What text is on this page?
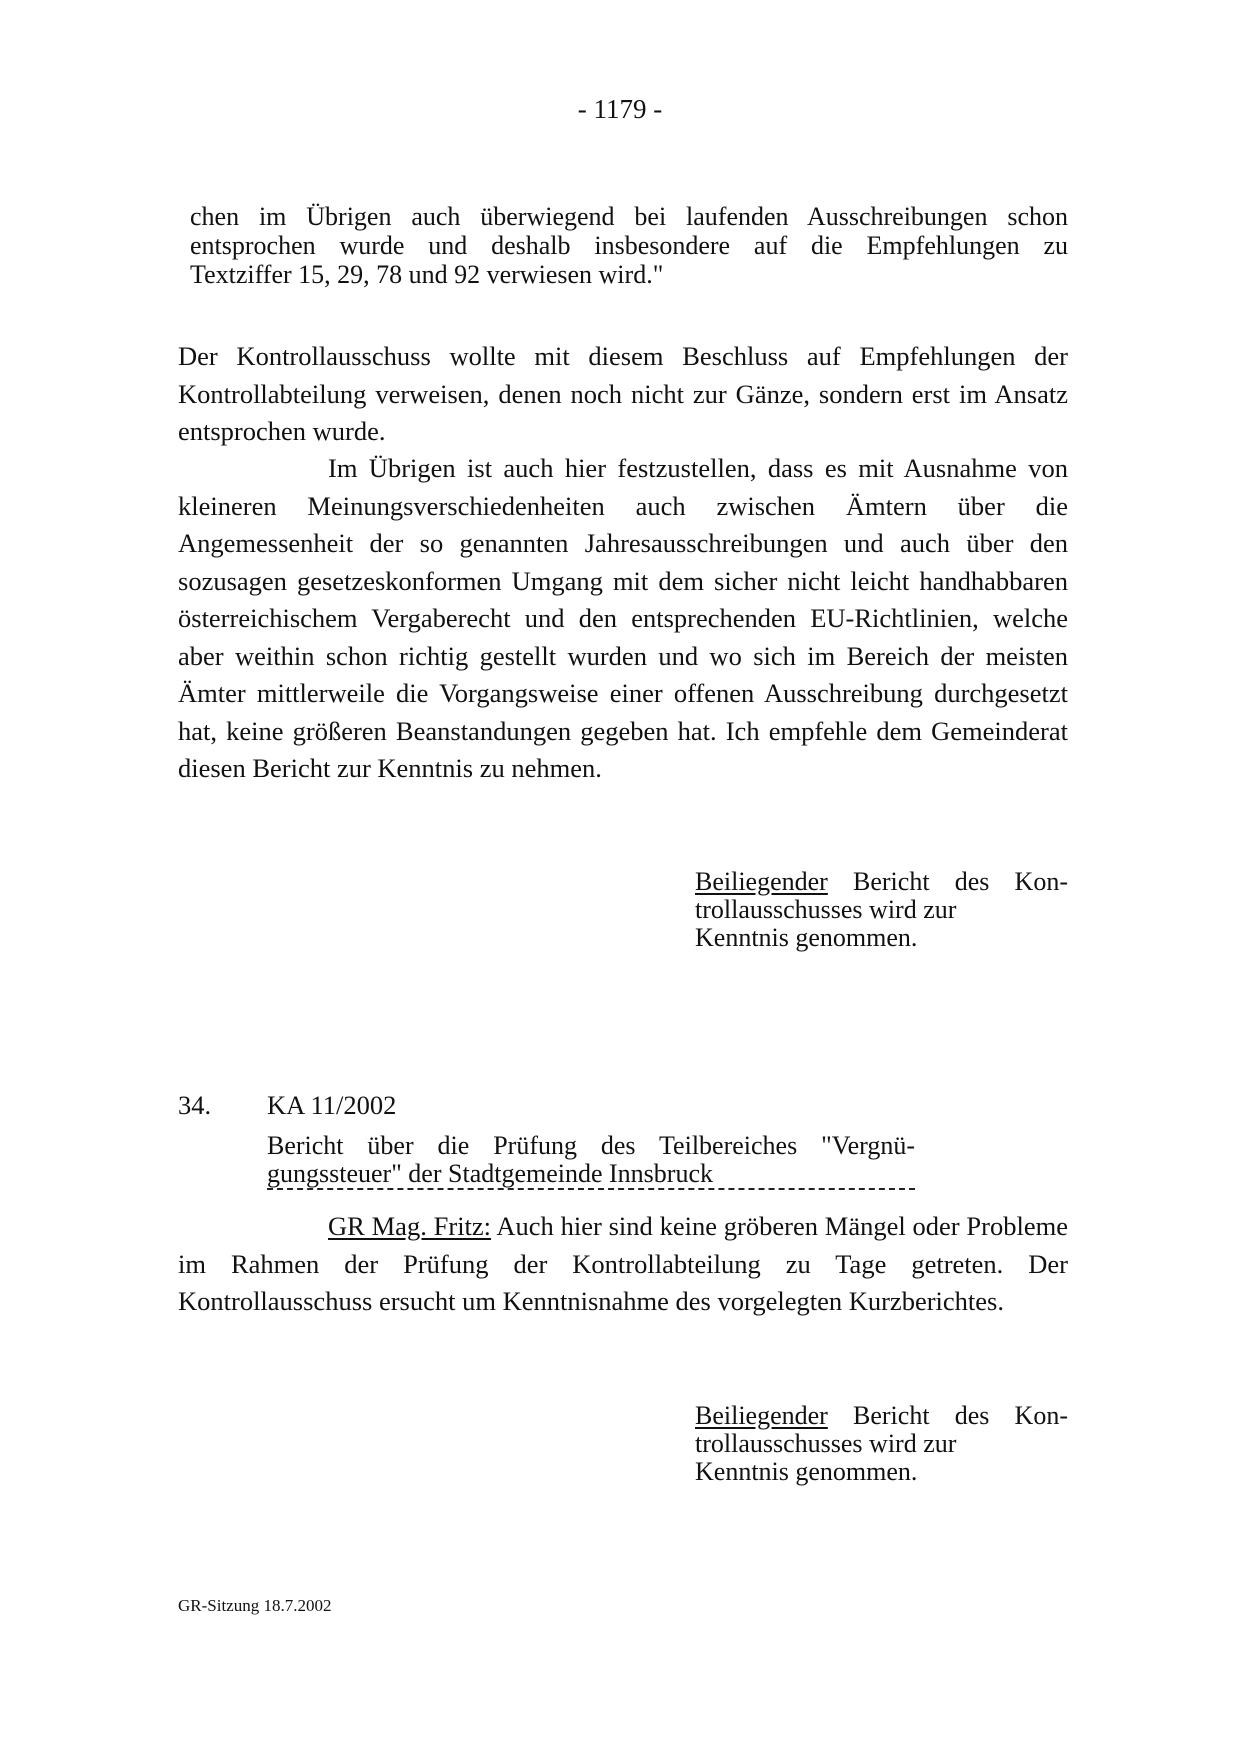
- 1179 -
chen im Übrigen auch überwiegend bei laufenden Ausschreibungen schon
entsprochen wurde und deshalb insbesondere auf die Empfehlungen zu
Textziffer 15, 29, 78 und 92 verwiesen wird."

Der Kontrollausschuss wollte mit diesem Beschluss auf Empfehlungen der Kontrollabteilung verweisen, denen noch nicht zur Gänze, sondern erst im Ansatz entsprochen wurde.

Im Übrigen ist auch hier festzustellen, dass es mit Ausnahme von kleineren Meinungsverschiedenheiten auch zwischen Ämtern über die Angemessenheit der so genannten Jahresausschreibungen und auch über den sozusagen gesetzeskonformen Umgang mit dem sicher nicht leicht handhabbaren österreichischem Vergaberecht und den entsprechenden EU-Richtlinien, welche aber weithin schon richtig gestellt wurden und wo sich im Bereich der meisten Ämter mittlerweile die Vorgangsweise einer offenen Ausschreibung durchgesetzt hat, keine größeren Beanstandungen gegeben hat. Ich empfehle dem Gemeinderat diesen Bericht zur Kenntnis zu nehmen.

Beiliegender Bericht des Kon-
trollausschusses wird zur
Kenntnis genommen.
34. KA 11/2002
Bericht über die Prüfung des Teilbereiches "Vergnü-
gungssteuer" der Stadtgemeinde Innsbruck

GR Mag. Fritz: Auch hier sind keine gröberen Mängel oder Probleme im Rahmen der Prüfung der Kontrollabteilung zu Tage getreten. Der Kontrollausschuss ersucht um Kenntnisnahme des vorgelegten Kurzberichtes.

Beiliegender Bericht des Kon-
trollausschusses wird zur
Kenntnis genommen.
GR-Sitzung 18.7.2002
